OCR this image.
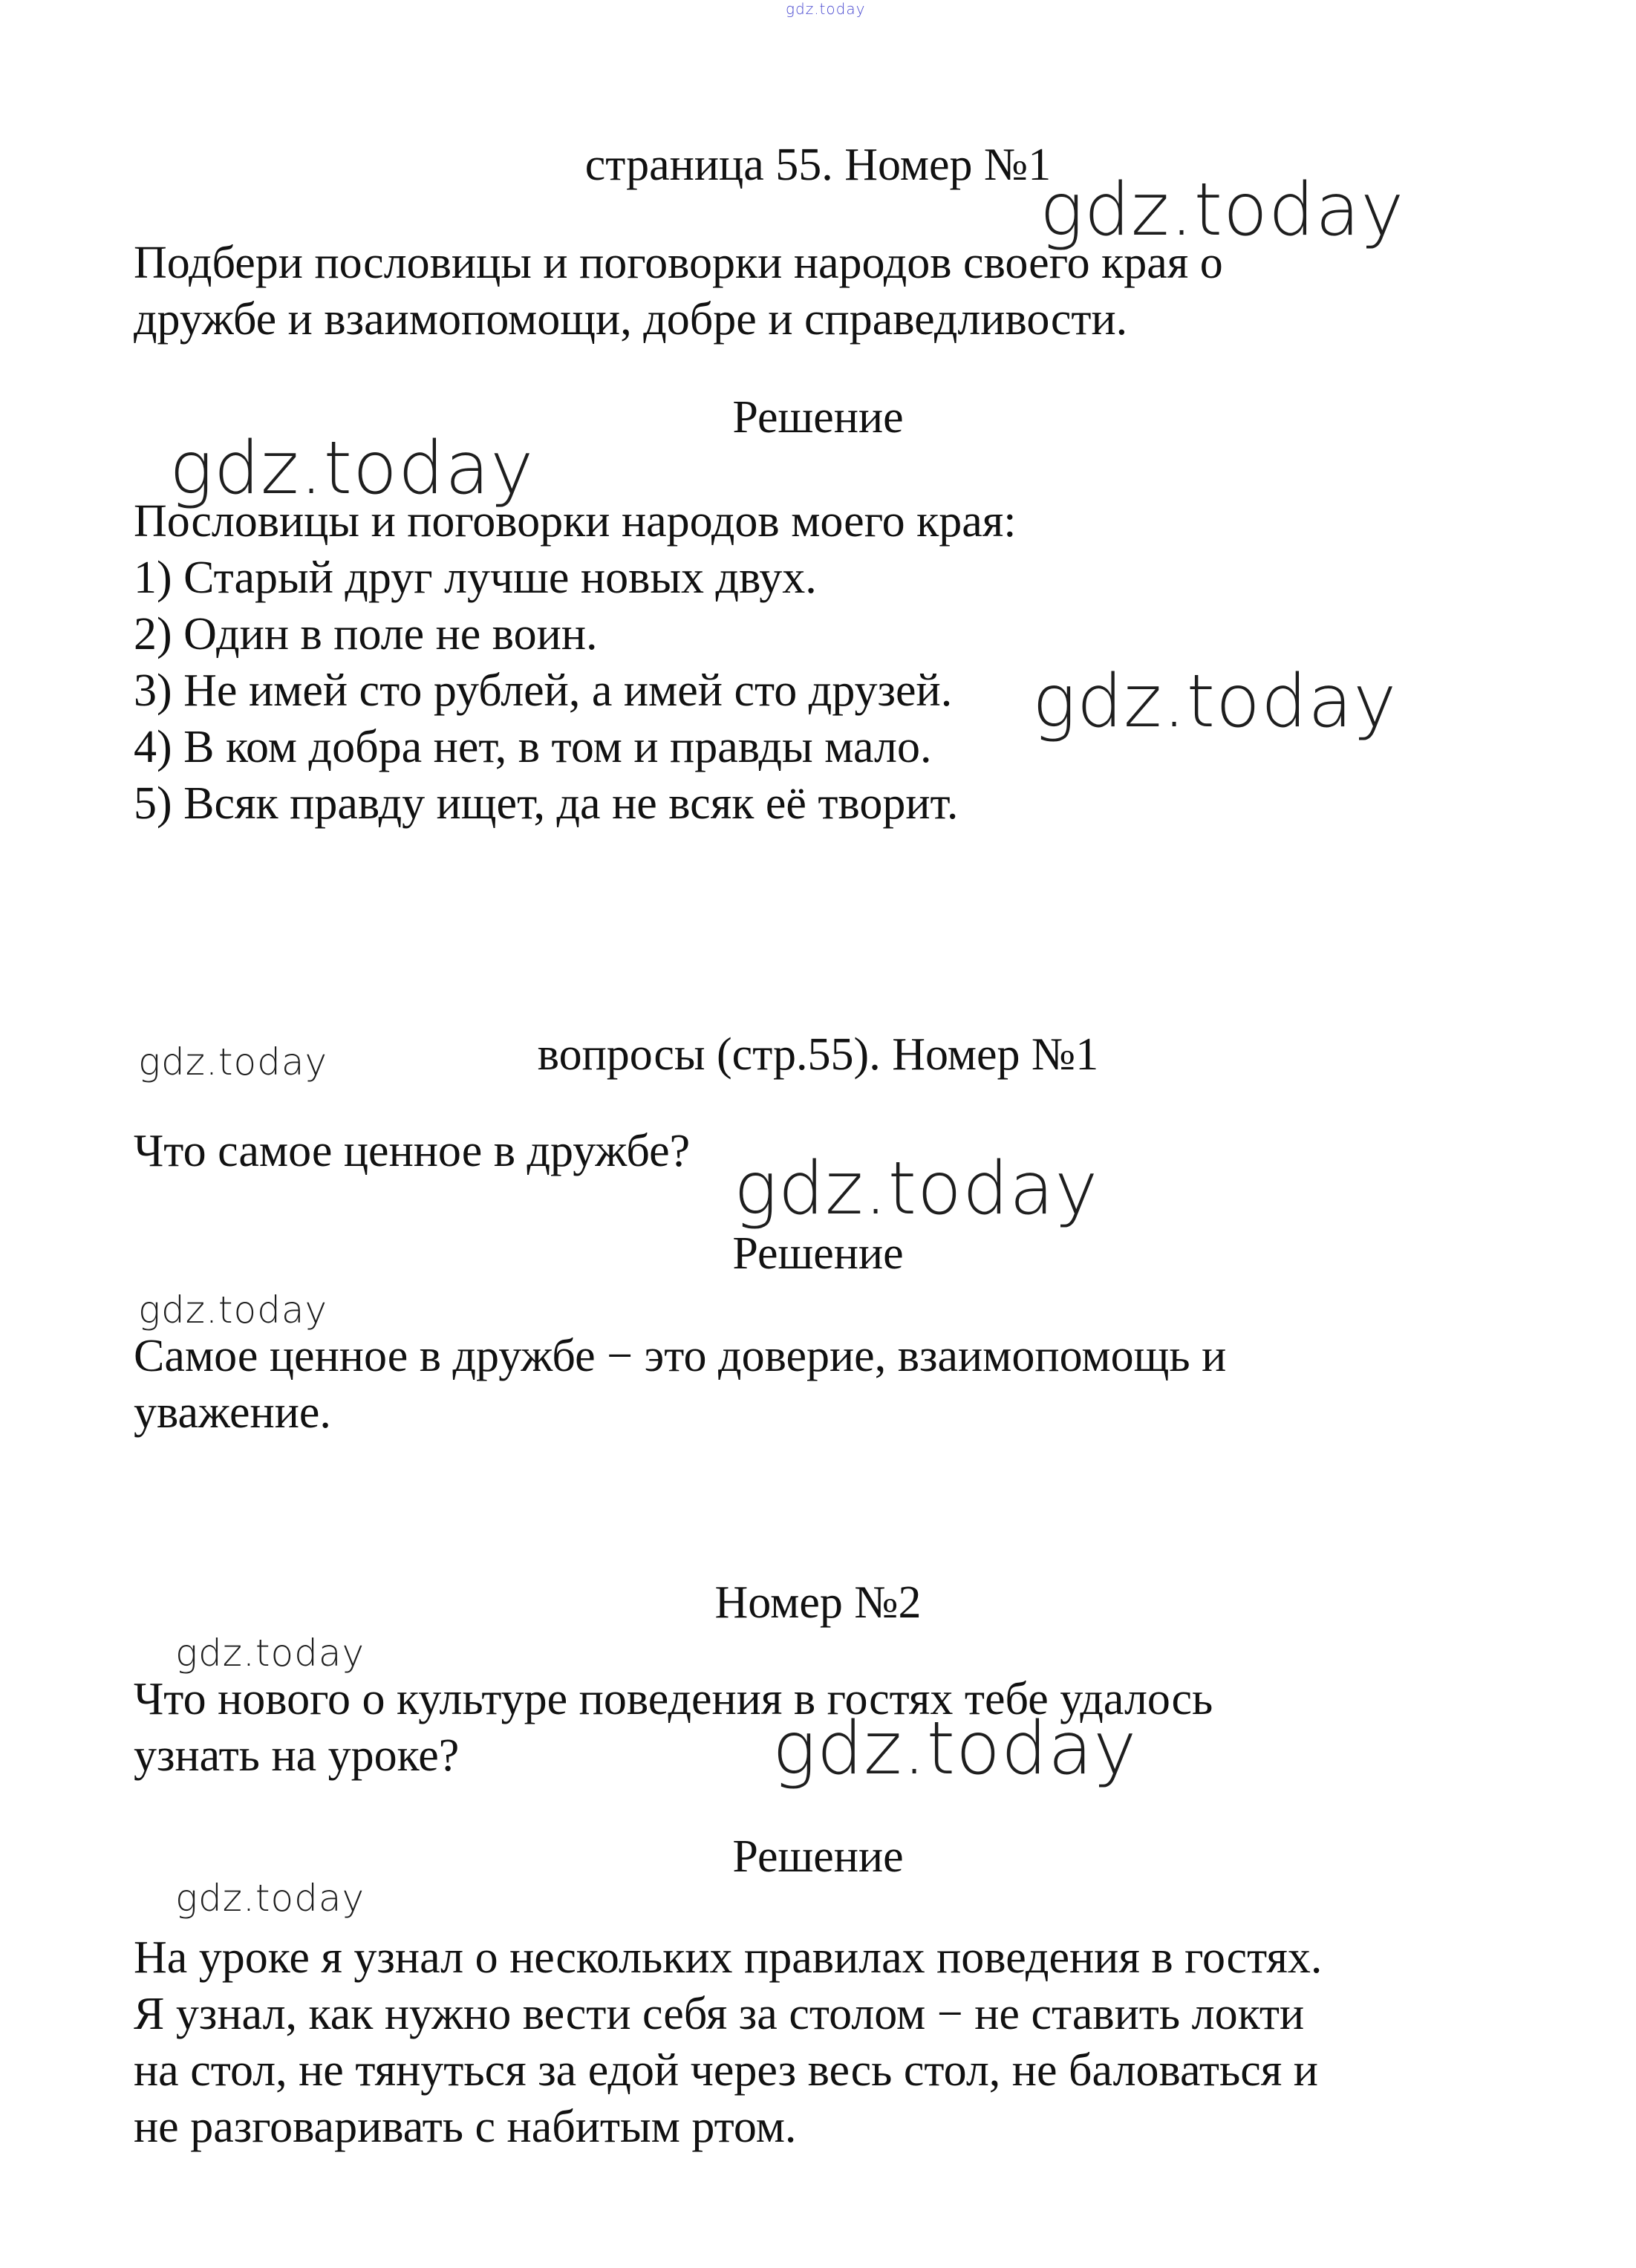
gdz.today
страница 55. Номер №1
Подбери пословицы и поговорки народов своего края о
дружбе и взаимопомощи, добре и справедливости.
Решение
Пословицы и поговорки народов моего края:
1) Старый друг лучше новых двух.
2) Один в поле не воин.
3) Не имей сто рублей, а имей сто друзей.
4) В ком добра нет, в том и правды мало.
5) Всяк правду ищет, да не всяк её творит.
вопросы (стр.55). Номер №1
Что самое ценное в дружбе?
Решение
Самое ценное в дружбе − это доверие, взаимопомощь и
уважение.
Номер №2
Что нового о культуре поведения в гостях тебе удалось
узнать на уроке?
Решение
На уроке я узнал о нескольких правилах поведения в гостях.
Я узнал, как нужно вести себя за столом − не ставить локти
на стол, не тянуться за едой через весь стол, не баловаться и
не разговаривать с набитым ртом.
gdz.today
gdz.today
gdz.today
gdz.today
gdz.today
gdz.today
gdz.today
gdz.today
gdz.today
